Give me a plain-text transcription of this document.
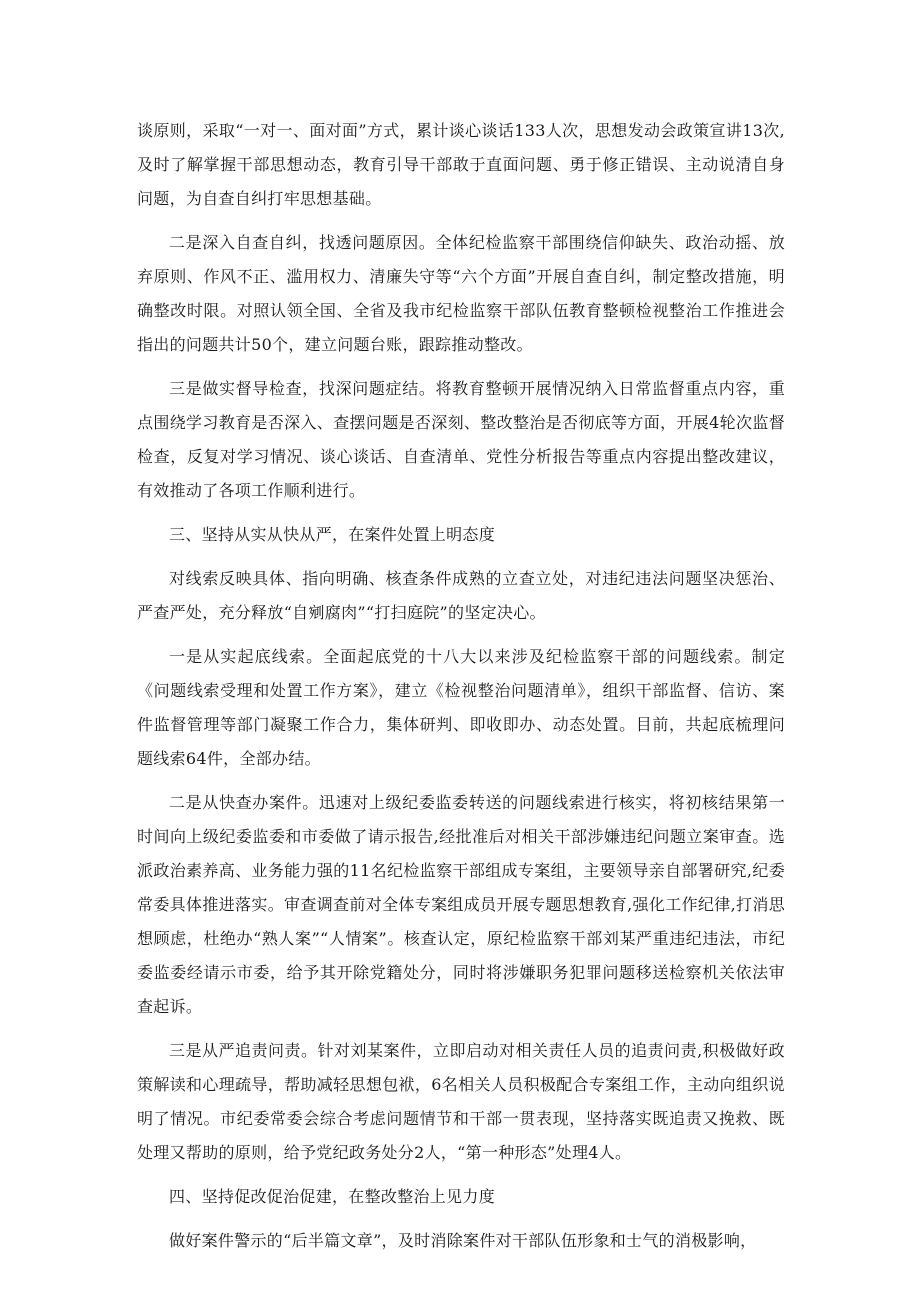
谈原则，采取“一对一、面对面”方式，累计谈心谈话133人次，思想发动会政策宣讲13次,及时了解掌握干部思想动态，教育引导干部敢于直面问题、勇于修正错误、主动说清自身问题，为自查自纠打牢思想基础。

二是深入自查自纠，找透问题原因。全体纪检监察干部围绕信仰缺失、政治动摇、放弃原则、作风不正、滥用权力、清廉失守等“六个方面”开展自查自纠，制定整改措施，明确整改时限。对照认领全国、全省及我市纪检监察干部队伍教育整顿检视整治工作推进会指出的问题共计50个，建立问题台账，跟踪推动整改。

三是做实督导检查，找深问题症结。将教育整顿开展情况纳入日常监督重点内容，重点围绕学习教育是否深入、查摆问题是否深刻、整改整治是否彻底等方面，开展4轮次监督检查，反复对学习情况、谈心谈话、自查清单、党性分析报告等重点内容提出整改建议，有效推动了各项工作顺利进行。

三、坚持从实从快从严，在案件处置上明态度

对线索反映具体、指向明确、核查条件成熟的立查立处，对违纪违法问题坚决惩治、严查严处，充分释放“自剜腐肉”“打扫庭院”的坚定决心。

一是从实起底线索。全面起底党的十八大以来涉及纪检监察干部的问题线索。制定《问题线索受理和处置工作方案》，建立《检视整治问题清单》，组织干部监督、信访、案件监督管理等部门凝聚工作合力，集体研判、即收即办、动态处置。目前，共起底梳理问题线索64件，全部办结。

二是从快查办案件。迅速对上级纪委监委转送的问题线索进行核实，将初核结果第一时间向上级纪委监委和市委做了请示报告,经批准后对相关干部涉嫌违纪问题立案审查。选派政治素养高、业务能力强的11名纪检监察干部组成专案组，主要领导亲自部署研究,纪委常委具体推进落实。审查调查前对全体专案组成员开展专题思想教育,强化工作纪律,打消思想顾虑，杜绝办“熟人案”“人情案”。核查认定，原纪检监察干部刘某严重违纪违法，市纪委监委经请示市委，给予其开除党籍处分，同时将涉嫌职务犯罪问题移送检察机关依法审查起诉。

三是从严追责问责。针对刘某案件，立即启动对相关责任人员的追责问责,积极做好政策解读和心理疏导，帮助减轻思想包袱，6名相关人员积极配合专案组工作，主动向组织说明了情况。市纪委常委会综合考虑问题情节和干部一贯表现，坚持落实既追责又挽救、既处理又帮助的原则，给予党纪政务处分2人，“第一种形态”处理4人。

四、坚持促改促治促建，在整改整治上见力度

做好案件警示的“后半篇文章”，及时消除案件对干部队伍形象和士气的消极影响，
